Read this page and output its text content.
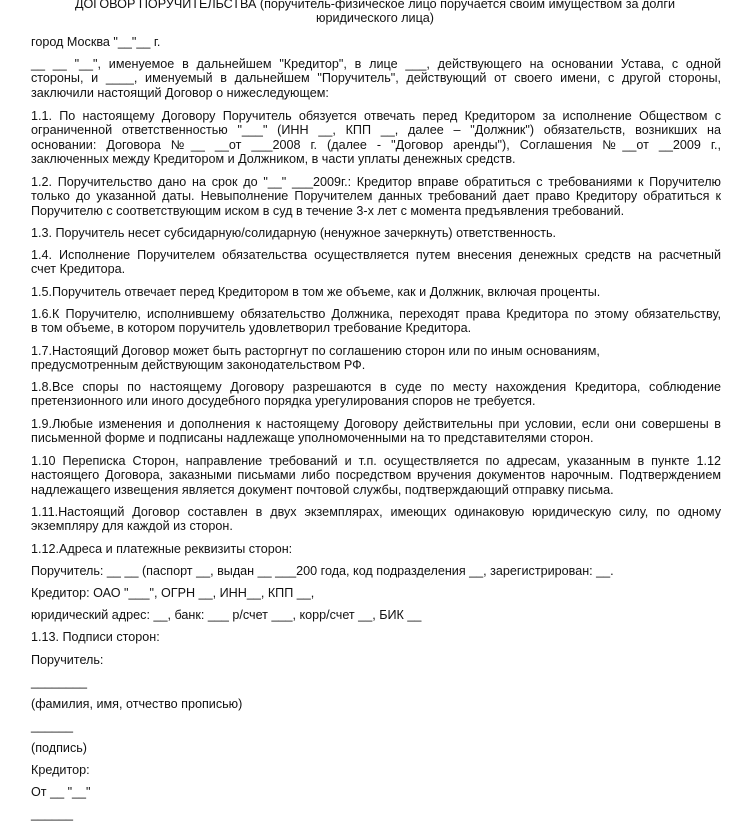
ДОГОВОР ПОРУЧИТЕЛЬСТВА (поручитель-физическое лицо поручается своим имуществом за долги
юридического лица)
город Москва "__"__ г.
__ __ "__", именуемое в дальнейшем "Кредитор", в лице ___, действующего на основании Устава, с одной
стороны, и ____, именуемый в дальнейшем "Поручитель", действующий от своего имени, с другой стороны,
заключили настоящий Договор о нижеследующем:
1.1. По настоящему Договору Поручитель обязуется отвечать перед Кредитором за исполнение Обществом с
ограниченной ответственностью "___" (ИНН __, КПП __, далее – "Должник") обязательств, возникших на
основании: Договора №__ __от ___2008 г. (далее - "Договор аренды"), Соглашения №__от __2009 г.,
заключенных между Кредитором и Должником, в части уплаты денежных средств.
1.2. Поручительство дано на срок до "__" ___2009г.: Кредитор вправе обратиться с требованиями к Поручителю
только до указанной даты. Невыполнение Поручителем данных требований дает право Кредитору обратиться к
Поручителю с соответствующим иском в суд в течение 3-х лет с момента предъявления требований.
1.3. Поручитель несет субсидарную/солидарную (ненужное зачеркнуть) ответственность.
1.4. Исполнение Поручителем обязательства осуществляется путем внесения денежных средств на расчетный
счет Кредитора.
1.5.Поручитель отвечает перед Кредитором в том же объеме, как и Должник, включая проценты.
1.6.К Поручителю, исполнившему обязательство Должника, переходят права Кредитора по этому обязательству,
в том объеме, в котором поручитель удовлетворил требование Кредитора.
1.7.Настоящий Договор может быть расторгнут по соглашению сторон или по иным основаниям,
предусмотренным действующим законодательством РФ.
1.8.Все споры по настоящему Договору разрешаются в суде по месту нахождения Кредитора, соблюдение
претензионного или иного досудебного порядка урегулирования споров не требуется.
1.9.Любые изменения и дополнения к настоящему Договору действительны при условии, если они совершены в
письменной форме и подписаны надлежаще уполномоченными на то представителями сторон.
1.10 Переписка Сторон, направление требований и т.п. осуществляется по адресам, указанным в пункте 1.12
настоящего Договора, заказными письмами либо посредством вручения документов нарочным. Подтверждением
надлежащего извещения является документ почтовой службы, подтверждающий отправку письма.
1.11.Настоящий Договор составлен в двух экземплярах, имеющих одинаковую юридическую силу, по одному
экземпляру для каждой из сторон.
1.12.Адреса и платежные реквизиты сторон:
Поручитель: __ __ (паспорт __, выдан __ ___200 года, код подразделения __, зарегистрирован: __.
Кредитор: ОАО "___", ОГРН __, ИНН__, КПП __,
юридический адрес: __, банк: ___ р/счет ___, корр/счет __, БИК __
1.13. Подписи сторон:
Поручитель:
________
(фамилия, имя, отчество прописью)
______
(подпись)
Кредитор:
От __ "__"
______
